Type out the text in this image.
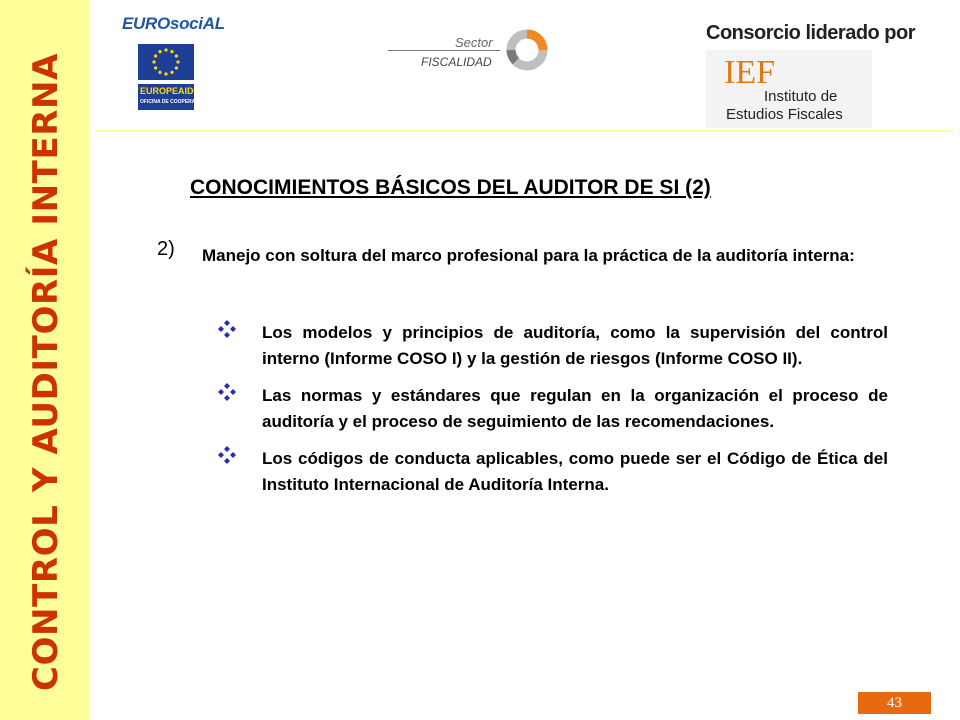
CONTROL Y AUDITORÍA INTERNA
EUROsociAL
EUROPEAID
OFICINA DE COOPERACIÓN
Sector
FISCALIDAD
Consorcio liderado por
IEF
Instituto de
Estudios Fiscales
CONOCIMIENTOS BÁSICOS DEL AUDITOR DE SI (2)
2) Manejo con soltura del marco profesional para la práctica de la auditoría interna:

Los modelos y principios de auditoría, como la supervisión del control interno (Informe COSO I) y la gestión de riesgos (Informe COSO II).
Las normas y estándares que regulan en la organización el proceso de auditoría y el proceso de seguimiento de las recomendaciones.
Los códigos de conducta aplicables, como puede ser el Código de Ética del Instituto Internacional de Auditoría Interna.
43
